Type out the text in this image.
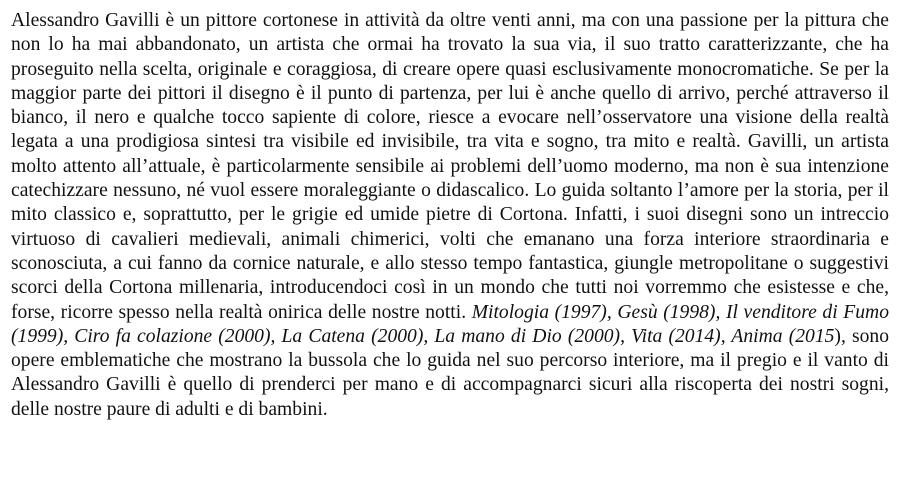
Alessandro Gavilli è un pittore cortonese in attività da oltre venti anni, ma con una passione per la pittura che non lo ha mai abbandonato, un artista che ormai ha trovato la sua via, il suo tratto caratterizzante, che ha proseguito nella scelta, originale e coraggiosa, di creare opere quasi esclusivamente monocromatiche. Se per la maggior parte dei pittori il disegno è il punto di partenza, per lui è anche quello di arrivo, perché attraverso il bianco, il nero e qualche tocco sapiente di colore, riesce a evocare nell’osservatore una visione della realtà legata a una prodigiosa sintesi tra visibile ed invisibile, tra vita e sogno, tra mito e realtà. Gavilli, un artista molto attento all’attuale, è particolarmente sensibile ai problemi dell’uomo moderno, ma non è sua intenzione catechizzare nessuno, né vuol essere moraleggiante o didascalico. Lo guida soltanto l’amore per la storia, per il mito classico e, soprattutto, per le grigie ed umide pietre di Cortona. Infatti, i suoi disegni sono un intreccio virtuoso di cavalieri medievali, animali chimerici, volti che emanano una forza interiore straordinaria e sconosciuta, a cui fanno da cornice naturale, e allo stesso tempo fantastica, giungle metropolitane o suggestivi scorci della Cortona millenaria, introducendoci così in un mondo che tutti noi vorremmo che esistesse e che, forse, ricorre spesso nella realtà onirica delle nostre notti. Mitologia (1997), Gesù (1998), Il venditore di Fumo (1999), Ciro fa colazione (2000), La Catena (2000), La mano di Dio (2000), Vita (2014), Anima (2015), sono opere emblematiche che mostrano la bussola che lo guida nel suo percorso interiore, ma il pregio e il vanto di Alessandro Gavilli è quello di prenderci per mano e di accompagnarci sicuri alla riscoperta dei nostri sogni, delle nostre paure di adulti e di bambini.
